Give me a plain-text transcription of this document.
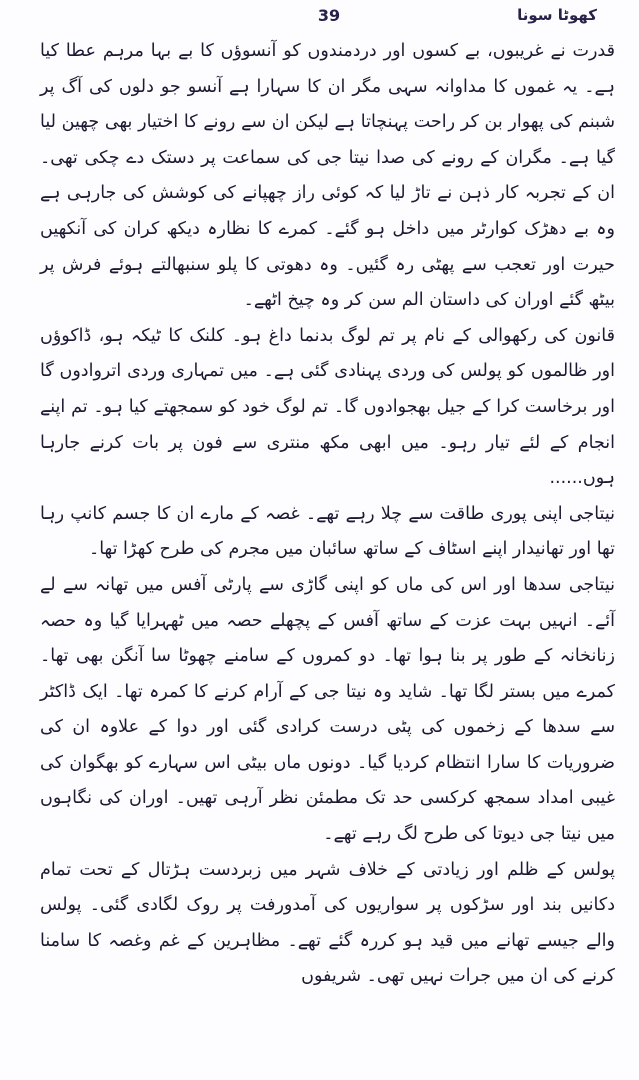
39	کھوٹا سونا

قدرت نے غریبوں، بے کسوں اور دردمندوں کو آنسوؤں کا بے بہا مرہم عطا کیا ہے۔ یہ غموں کا مداوانہ سہی مگر ان کا سہارا ہے آنسو جو دلوں کی آگ پر شبنم کی پھوار بن کر راحت پہنچاتا ہے لیکن ان سے رونے کا اختیار بھی چھین لیا گیا ہے۔ مگران کے رونے کی صدا نیتا جی کی سماعت پر دستک دے چکی تھی۔ ان کے تجربہ کار ذہن نے تاڑ لیا کہ کوئی راز چھپانے کی کوشش کی جارہی ہے وہ بے دھڑک کوارٹر میں داخل ہو گئے۔ کمرے کا نظارہ دیکھ کران کی آنکھیں حیرت اور تعجب سے پھٹی رہ گئیں۔ وہ دھوتی کا پلو سنبھالتے ہوئے فرش پر بیٹھ گئے اوران کی داستان الم سن کر وہ چیخ اٹھے۔

قانون کی رکھوالی کے نام پر تم لوگ بدنما داغ ہو۔ کلنک کا ٹیکہ ہو، ڈاکوؤں اور ظالموں کو پولس کی وردی پہنادی گئی ہے۔ میں تمہاری وردی اتروادوں گا اور برخاست کرا کے جیل بھجوادوں گا۔ تم لوگ خود کو سمجھتے کیا ہو۔ تم اپنے انجام کے لئے تیار رہو۔ میں ابھی مکھ منتری سے فون پر بات کرنے جارہا ہوں......

نیتاجی اپنی پوری طاقت سے چلا رہے تھے۔ غصہ کے مارے ان کا جسم کانپ رہا تھا اور تھانیدار اپنے اسٹاف کے ساتھ سائبان میں مجرم کی طرح کھڑا تھا۔

نیتاجی سدھا اور اس کی ماں کو اپنی گاڑی سے پارٹی آفس میں تھانہ سے لے آئے۔ انہیں بہت عزت کے ساتھ آفس کے پچھلے حصہ میں ٹھہرایا گیا وہ حصہ زنانخانہ کے طور پر بنا ہوا تھا۔ دو کمروں کے سامنے چھوٹا سا آنگن بھی تھا۔ کمرے میں بستر لگا تھا۔ شاید وہ نیتا جی کے آرام کرنے کا کمرہ تھا۔ ایک ڈاکٹر سے سدھا کے زخموں کی پٹی درست کرادی گئی اور دوا کے علاوہ ان کی ضروریات کا سارا انتظام کردیا گیا۔ دونوں ماں بیٹی اس سہارے کو بھگوان کی غیبی امداد سمجھ کرکسی حد تک مطمئن نظر آرہی تھیں۔ اوران کی نگاہوں میں نیتا جی دیوتا کی طرح لگ رہے تھے۔

پولس کے ظلم اور زیادتی کے خلاف شہر میں زبردست ہڑتال کے تحت تمام دکانیں بند اور سڑکوں پر سواریوں کی آمدورفت پر روک لگادی گئی۔ پولس والے جیسے تھانے میں قید ہو کررہ گئے تھے۔ مظاہرین کے غم وغصہ کا سامنا کرنے کی ان میں جرات نہیں تھی۔ شریفوں
